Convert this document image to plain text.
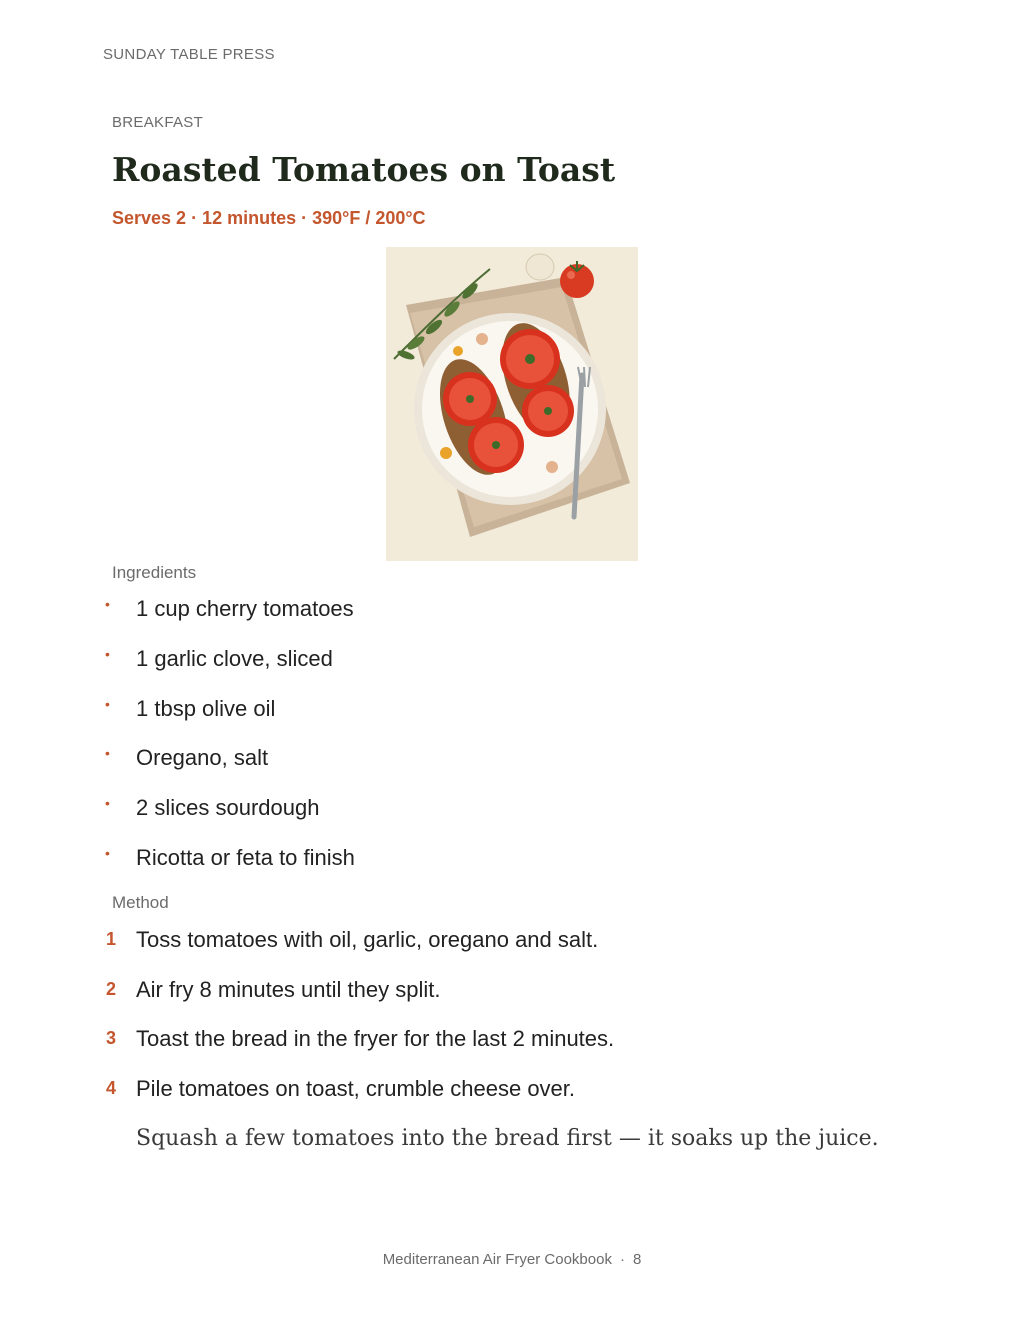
SUNDAY TABLE PRESS
BREAKFAST
Roasted Tomatoes on Toast
Serves 2 · 12 minutes · 390°F / 200°C
Ingredients
• 1 cup cherry tomatoes
• 1 garlic clove, sliced
• 1 tbsp olive oil
• Oregano, salt
• 2 slices sourdough
• Ricotta or feta to finish
Method
1 Toss tomatoes with oil, garlic, oregano and salt.
2 Air fry 8 minutes until they split.
3 Toast the bread in the fryer for the last 2 minutes.
4 Pile tomatoes on toast, crumble cheese over.
Squash a few tomatoes into the bread first — it soaks up the juice.
Mediterranean Air Fryer Cookbook · 8
